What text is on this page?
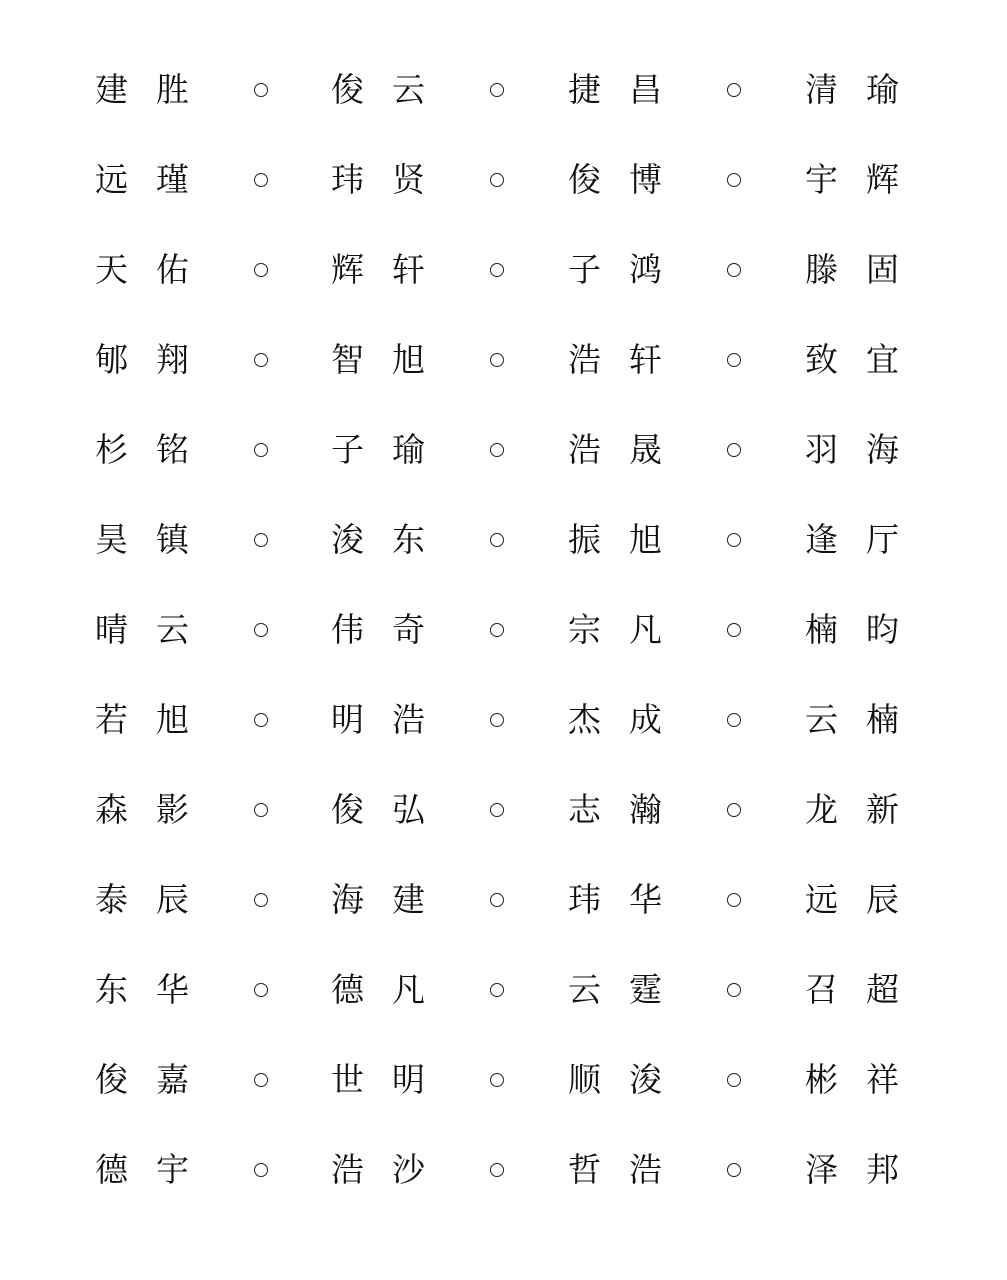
建 胜	俊 云	捷 昌	清 瑜
远 瑾	玮 贤	俊 博	宇 辉
天 佑	辉 轩	子 鸿	滕 固
郇 翔	智 旭	浩 轩	致 宜
杉 铭	子 瑜	浩 晟	羽 海
昊 镇	浚 东	振 旭	逢 厅
晴 云	伟 奇	宗 凡	楠 昀
若 旭	明 浩	杰 成	云 楠
森 影	俊 弘	志 瀚	龙 新
泰 辰	海 建	玮 华	远 辰
东 华	德 凡	云 霆	召 超
俊 嘉	世 明	顺 浚	彬 祥
德 宇	浩 沙	哲 浩	泽 邦
